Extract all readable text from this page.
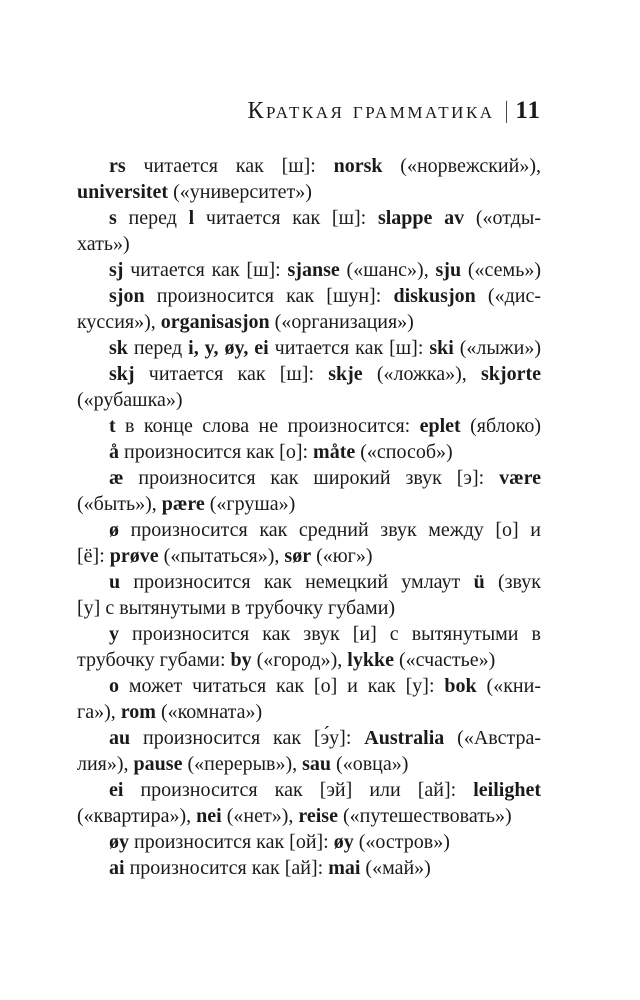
Краткая грамматика | 11
rs читается как [ш]: norsk («норвежский»),
universitet («университет»)
s перед l читается как [ш]: slappe av («отды-
хать»)
sj читается как [ш]: sjanse («шанс»), sju («семь»)
sjon произносится как [шун]: diskusjon («дис-
куссия»), organisasjon («организация»)
sk перед i, y, øy, ei читается как [ш]: ski («лыжи»)
skj читается как [ш]: skje («ложка»), skjorte
(«рубашка»)
t в конце слова не произносится: eplet (яблоко)
å произносится как [о]: måte («способ»)
æ произносится как широкий звук [э]: være
(«быть»), pære («груша»)
ø произносится как средний звук между [о] и
[ё]: prøve («пытаться»), sør («юг»)
u произносится как немецкий умлаут ü (звук
[у] с вытянутыми в трубочку губами)
y произносится как звук [и] с вытянутыми в
трубочку губами: by («город»), lykke («счастье»)
o может читаться как [о] и как [у]: bok («кни-
га»), rom («комната»)
au произносится как [э́у]: Australia («Австра-
лия»), pause («перерыв»), sau («овца»)
ei произносится как [эй] или [ай]: leilighet
(«квартира»), nei («нет»), reise («путешествовать»)
øy произносится как [ой]: øy («остров»)
ai произносится как [ай]: mai («май»)
